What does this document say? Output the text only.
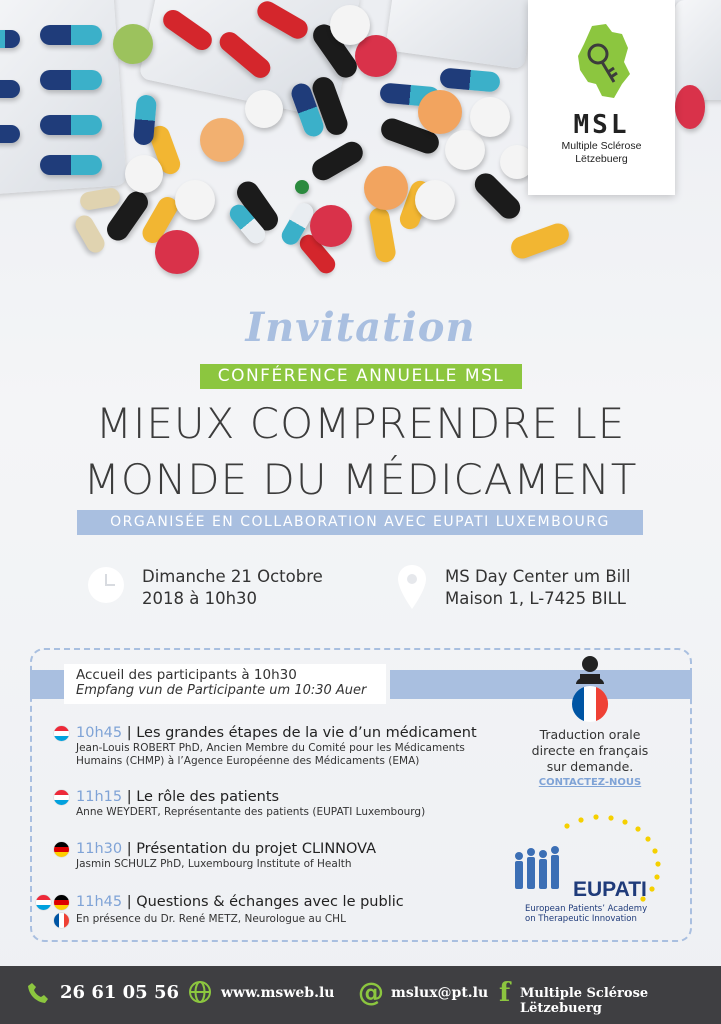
MSL
Multiple Sclérose
Lëtzebuerg
Invitation
CONFÉRENCE ANNUELLE MSL
MIEUX COMPRENDRE LE
MONDE DU MÉDICAMENT
ORGANISÉE EN COLLABORATION AVEC EUPATI LUXEMBOURG
Dimanche 21 Octobre
2018 à 10h30
MS Day Center um Bill
Maison 1, L-7425 BILL
Accueil des participants à 10h30
Empfang vun de Participante um 10:30 Auer
10h45 | Les grandes étapes de la vie d’un médicament
Jean-Louis ROBERT PhD, Ancien Membre du Comité pour les Médicaments
Humains (CHMP) à l’Agence Européenne des Médicaments (EMA)
11h15 | Le rôle des patients
Anne WEYDERT, Représentante des patients (EUPATI Luxembourg)
11h30 | Présentation du projet CLINNOVA
Jasmin SCHULZ PhD, Luxembourg Institute of Health
11h45 | Questions & échanges avec le public
En présence du Dr. René METZ, Neurologue au CHL
Traduction orale
directe en français
sur demande.
CONTACTEZ-NOUS
EUPATI
European Patients’ Academy
on Therapeutic Innovation
26 61 05 56	www.msweb.lu @ mslux@pt.lu f Multiple Sclérose Lëtzebuerg
